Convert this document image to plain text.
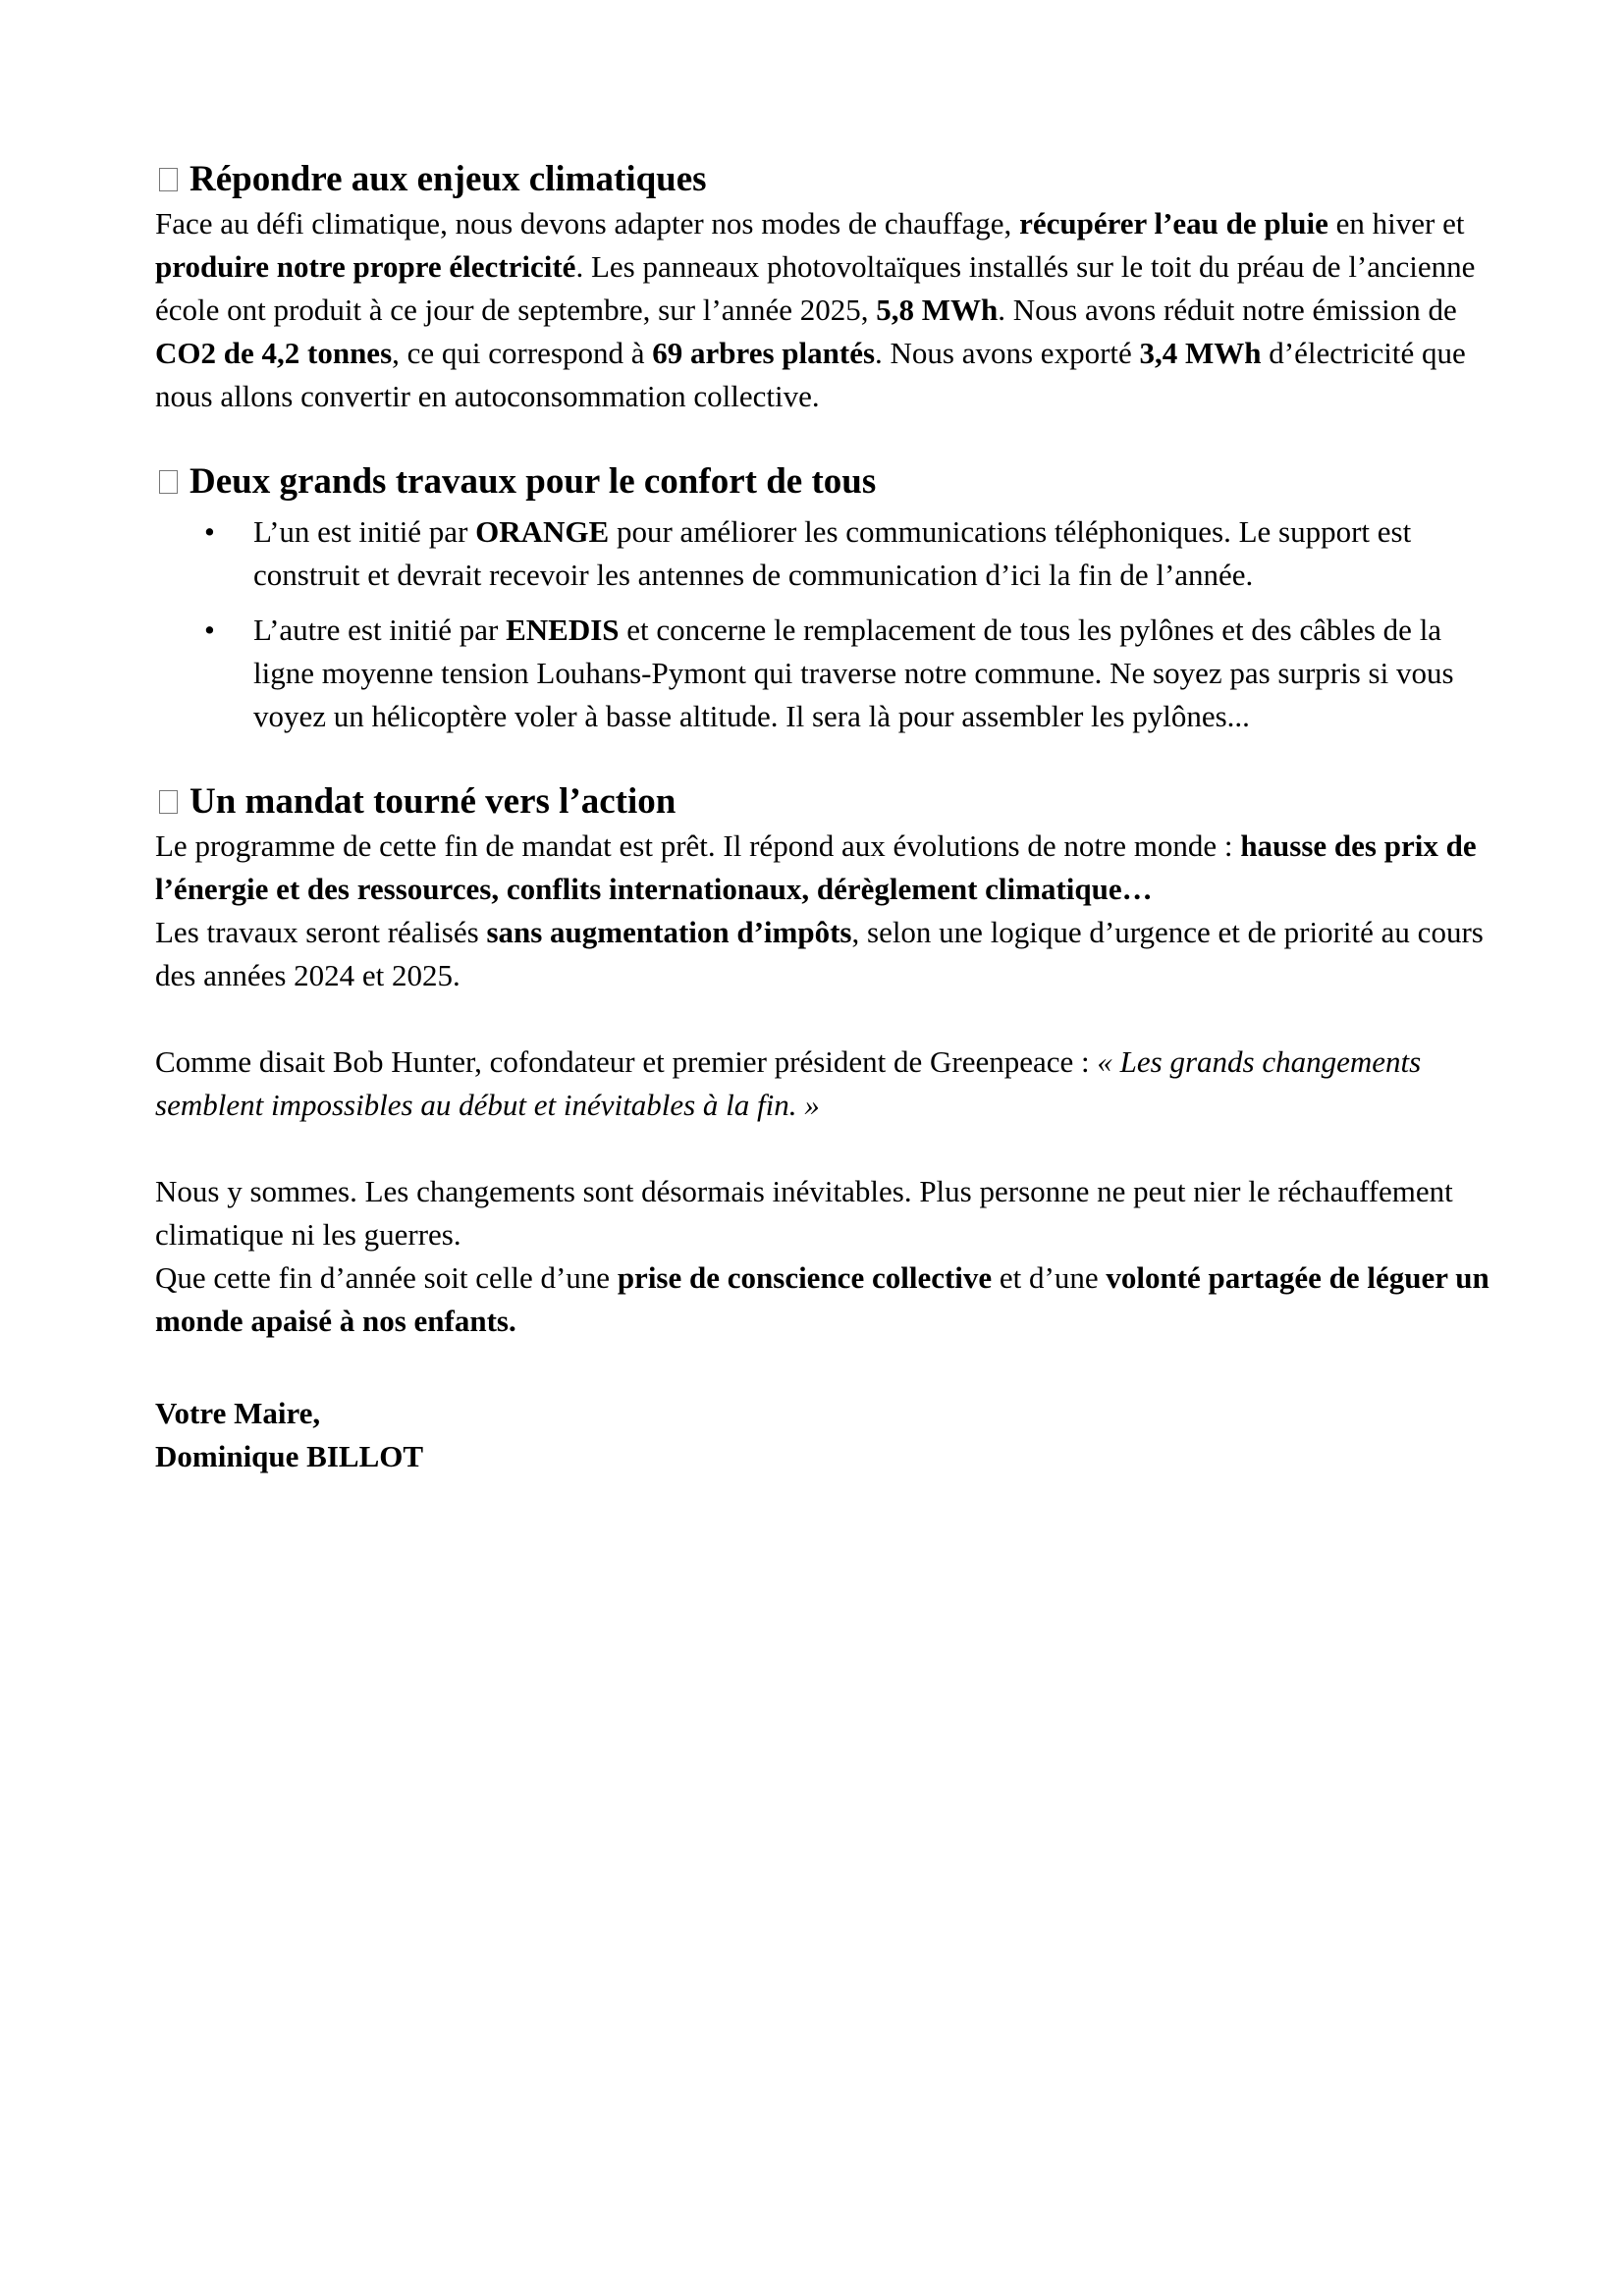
Répondre aux enjeux climatiques

Face au défi climatique, nous devons adapter nos modes de chauffage, récupérer l’eau de pluie en hiver et produire notre propre électricité. Les panneaux photovoltaïques installés sur le toit du préau de l’ancienne école ont produit à ce jour de septembre, sur l’année 2025, 5,8 MWh. Nous avons réduit notre émission de CO2 de 4,2 tonnes, ce qui correspond à 69 arbres plantés. Nous avons exporté 3,4 MWh d’électricité que nous allons convertir en autoconsommation collective.

Deux grands travaux pour le confort de tous
• L’un est initié par ORANGE pour améliorer les communications téléphoniques. Le support est construit et devrait recevoir les antennes de communication d’ici la fin de l’année.
• L’autre est initié par ENEDIS et concerne le remplacement de tous les pylônes et des câbles de la ligne moyenne tension Louhans-Pymont qui traverse notre commune. Ne soyez pas surpris si vous voyez un hélicoptère voler à basse altitude. Il sera là pour assembler les pylônes...
Un mandat tourné vers l’action

Le programme de cette fin de mandat est prêt. Il répond aux évolutions de notre monde : hausse des prix de l’énergie et des ressources, conflits internationaux, dérèglement climatique…

Les travaux seront réalisés sans augmentation d’impôts, selon une logique d’urgence et de priorité au cours des années 2024 et 2025.

Comme disait Bob Hunter, cofondateur et premier président de Greenpeace : « Les grands changements semblent impossibles au début et inévitables à la fin. »

Nous y sommes. Les changements sont désormais inévitables. Plus personne ne peut nier le réchauffement climatique ni les guerres.

Que cette fin d’année soit celle d’une prise de conscience collective et d’une volonté partagée de léguer un monde apaisé à nos enfants.

Votre Maire,

Dominique BILLOT
